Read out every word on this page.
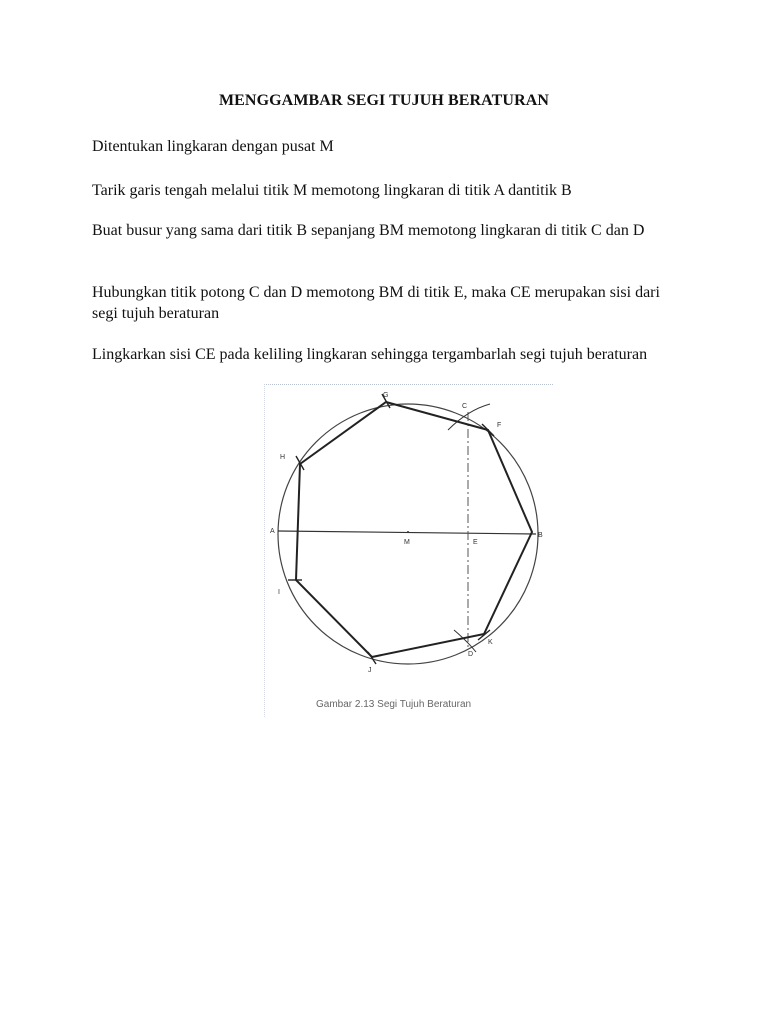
MENGGAMBAR SEGI TUJUH BERATURAN

Ditentukan lingkaran dengan pusat M

Tarik garis tengah melalui titik M memotong lingkaran di titik A dantitik B

Buat busur yang sama dari titik B sepanjang BM memotong lingkaran di titik C dan D

Hubungkan titik potong C dan D memotong BM di titik E, maka CE merupakan sisi dari segi tujuh beraturan

Lingkarkan sisi CE pada keliling lingkaran sehingga tergambarlah segi tujuh beraturan

G
C
F
H
A
M	E
B
I
K
D
J
Gambar 2.13 Segi Tujuh Beraturan
